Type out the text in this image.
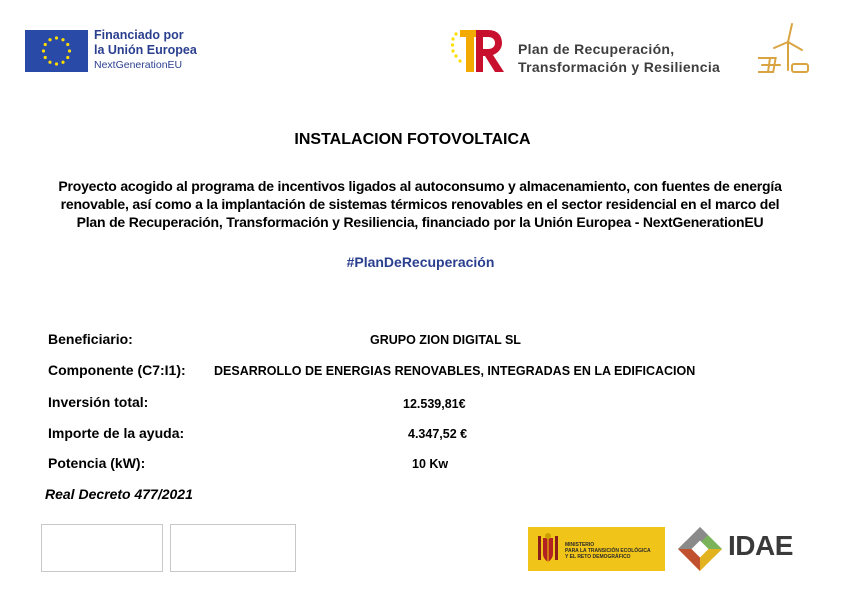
Financiado por
la Unión Europea
NextGenerationEU
Plan de Recuperación,
Transformación y Resiliencia
INSTALACION FOTOVOLTAICA
Proyecto acogido al programa de incentivos ligados al autoconsumo y almacenamiento, con fuentes de energía
renovable, así como a la implantación de sistemas térmicos renovables en el sector residencial en el marco del
Plan de Recuperación, Transformación y Resiliencia, financiado por la Unión Europea - NextGenerationEU
#PlanDeRecuperación
Beneficiario:	GRUPO ZION DIGITAL SL
Componente (C7:I1): DESARROLLO DE ENERGIAS RENOVABLES, INTEGRADAS EN LA EDIFICACION
Inversión total:	12.539,81€
Importe de la ayuda:	4.347,52 €
Potencia (kW):	10 Kw
Real Decreto 477/2021
MINISTERIO
PARA LA TRANSICIÓN ECOLÓGICA
Y EL RETO DEMOGRÁFICO	IDAE
